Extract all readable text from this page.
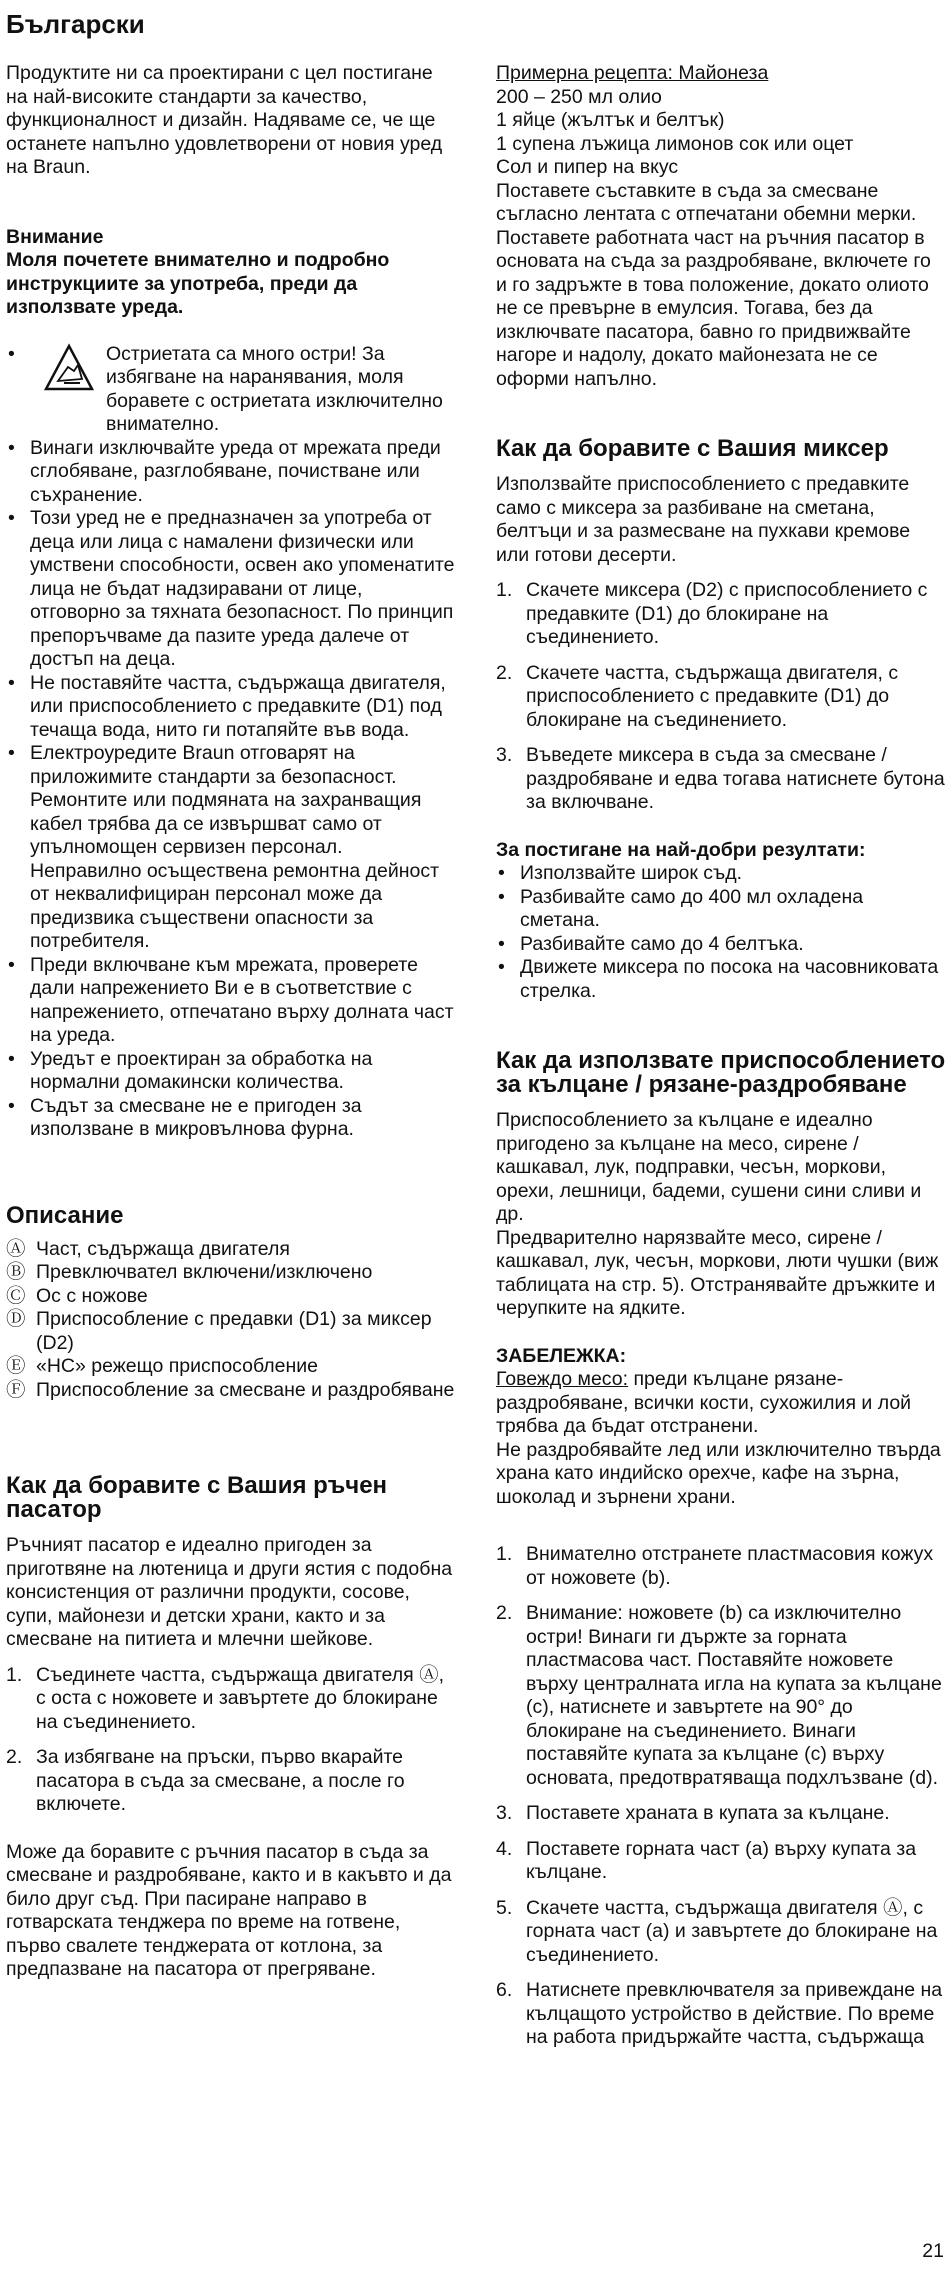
Български

Продуктите ни са проектирани с цел постигане на най-високите стандарти за качество, функционалност и дизайн. Надяваме се, че ще останете напълно удовлетворени от новия уред на Braun.

Внимание

Моля почетете внимателно и подробно инструкциите за употреба, преди да използвате уреда.

• Остриетата са много остри! За избягване на наранявания, моля боравете с остриетата изключително внимателно.
• Винаги изключвайте уреда от мрежата преди сглобяване, разглобяване, почистване или съхранение.
• Този уред не е предназначен за употреба от деца или лица с намалени физически или умствени способности, освен ако упоменатите лица не бъдат надзиравани от лице, отговорно за тяхната безопасност. По принцип препоръчваме да пазите уреда далече от достъп на деца.
• Не поставяйте частта, съдържаща двигателя, или приспособлението с предавките (D1) под течаща вода, нито ги потапяйте във вода.
• Електроуредите Braun отговарят на приложимите стандарти за безопасност. Ремонтите или подмяната на захранващия кабел трябва да се извършват само от упълномощен сервизен персонал. Неправилно осъществена ремонтна дейност от неквалифициран персонал може да предизвика съществени опасности за потребителя.
• Преди включване към мрежата, проверете дали напрежението Ви е в съответствие с напрежението, отпечатано върху долната част на уреда.
• Уредът е проектиран за обработка на нормални домакински количества.
• Съдът за смесване не е пригоден за използване в микровълнова фурна.
Описание
Ⓐ Част, съдържаща двигателя
Ⓑ Превключвател включени/изключено
Ⓒ Ос с ножове
Ⓓ Приспособление с предавки (D1) за миксер (D2)
Ⓔ «HC» режещо приспособление
Ⓕ Приспособление за смесване и раздробяване
Как да боравите с Вашия ръчен пасатор

Ръчният пасатор е идеално пригоден за приготвяне на лютеница и други ястия с подобна консистенция от различни продукти, сосове, супи, майонези и детски храни, както и за смесване на питиета и млечни шейкове.

1. Съединете частта, съдържаща двигателя Ⓐ, с оста с ножовете и завъртете до блокиране на съединението.
2. За избягване на пръски, първо вкарайте пасатора в съда за смесване, а после го включете.

Може да боравите с ръчния пасатор в съда за смесване и раздробяване, както и в какъвто и да било друг съд. При пасиране направо в готварската тенджера по време на готвене, първо свалете тенджерата от котлона, за предпазване на пасатора от прегряване.

Примерна рецепта: Майонеза

200 – 250 мл олио

1 яйце (жълтък и белтък)

1 супена лъжица лимонов сок или оцет

Сол и пипер на вкус

Поставете съставките в съда за смесване съгласно лентата с отпечатани обемни мерки. Поставете работната част на ръчния пасатор в основата на съда за раздробяване, включете го и го задръжте в това положение, докато олиото не се превърне в емулсия. Тогава, без да изключвате пасатора, бавно го придвижвайте нагоре и надолу, докато майонезата не се оформи напълно.

Как да боравите с Вашия миксер

Използвайте приспособлението с предавките само с миксера за разбиване на сметана, белтъци и за размесване на пухкави кремове или готови десерти.

1. Скачете миксера (D2) с приспособлението с предавките (D1) до блокиране на съединението.
2. Скачете частта, съдържаща двигателя, с приспособлението с предавките (D1) до блокиране на съединението.
3. Въведете миксера в съда за смесване / раздробяване и едва тогава натиснете бутона за включване.

За постигане на най-добри резултати:

• Използвайте широк съд.
• Разбивайте само до 400 мл охладена сметана.
• Разбивайте само до 4 белтъка.
• Движете миксера по посока на часовниковата стрелка.
Как да използвате приспособлението за кълцане / рязане-раздробяване

Приспособлението за кълцане е идеално пригодено за кълцане на месо, сирене / кашкавал, лук, подправки, чесън, моркови, орехи, лешници, бадеми, сушени сини сливи и др.

Предварително нарязвайте месо, сирене / кашкавал, лук, чесън, моркови, люти чушки (виж таблицата на стр. 5). Отстранявайте дръжките и черупките на ядките.

ЗАБЕЛЕЖКА:

Говеждо месо: преди кълцане рязане-раздробяване, всички кости, сухожилия и лой трябва да бъдат отстранени.

Не раздробявайте лед или изключително твърда храна като индийско орехче, кафе на зърна, шоколад и зърнени храни.

1. Внимателно отстранете пластмасовия кожух от ножовете (b).
2. Внимание: ножовете (b) са изключително остри! Винаги ги държте за горната пластмасова част. Поставяйте ножовете върху централната игла на купата за кълцане (c), натиснете и завъртете на 90° до блокиране на съединението. Винаги поставяйте купата за кълцане (c) върху основата, предотвратяваща подхлъзване (d).
3. Поставете храната в купата за кълцане.
4. Поставете горната част (a) върху купата за кълцане.
5. Скачете частта, съдържаща двигателя Ⓐ, с горната част (a) и завъртете до блокиране на съединението.
6. Натиснете превключвателя за привеждане на кълцащото устройство в действие. По време на работа придържайте частта, съдържаща
21
